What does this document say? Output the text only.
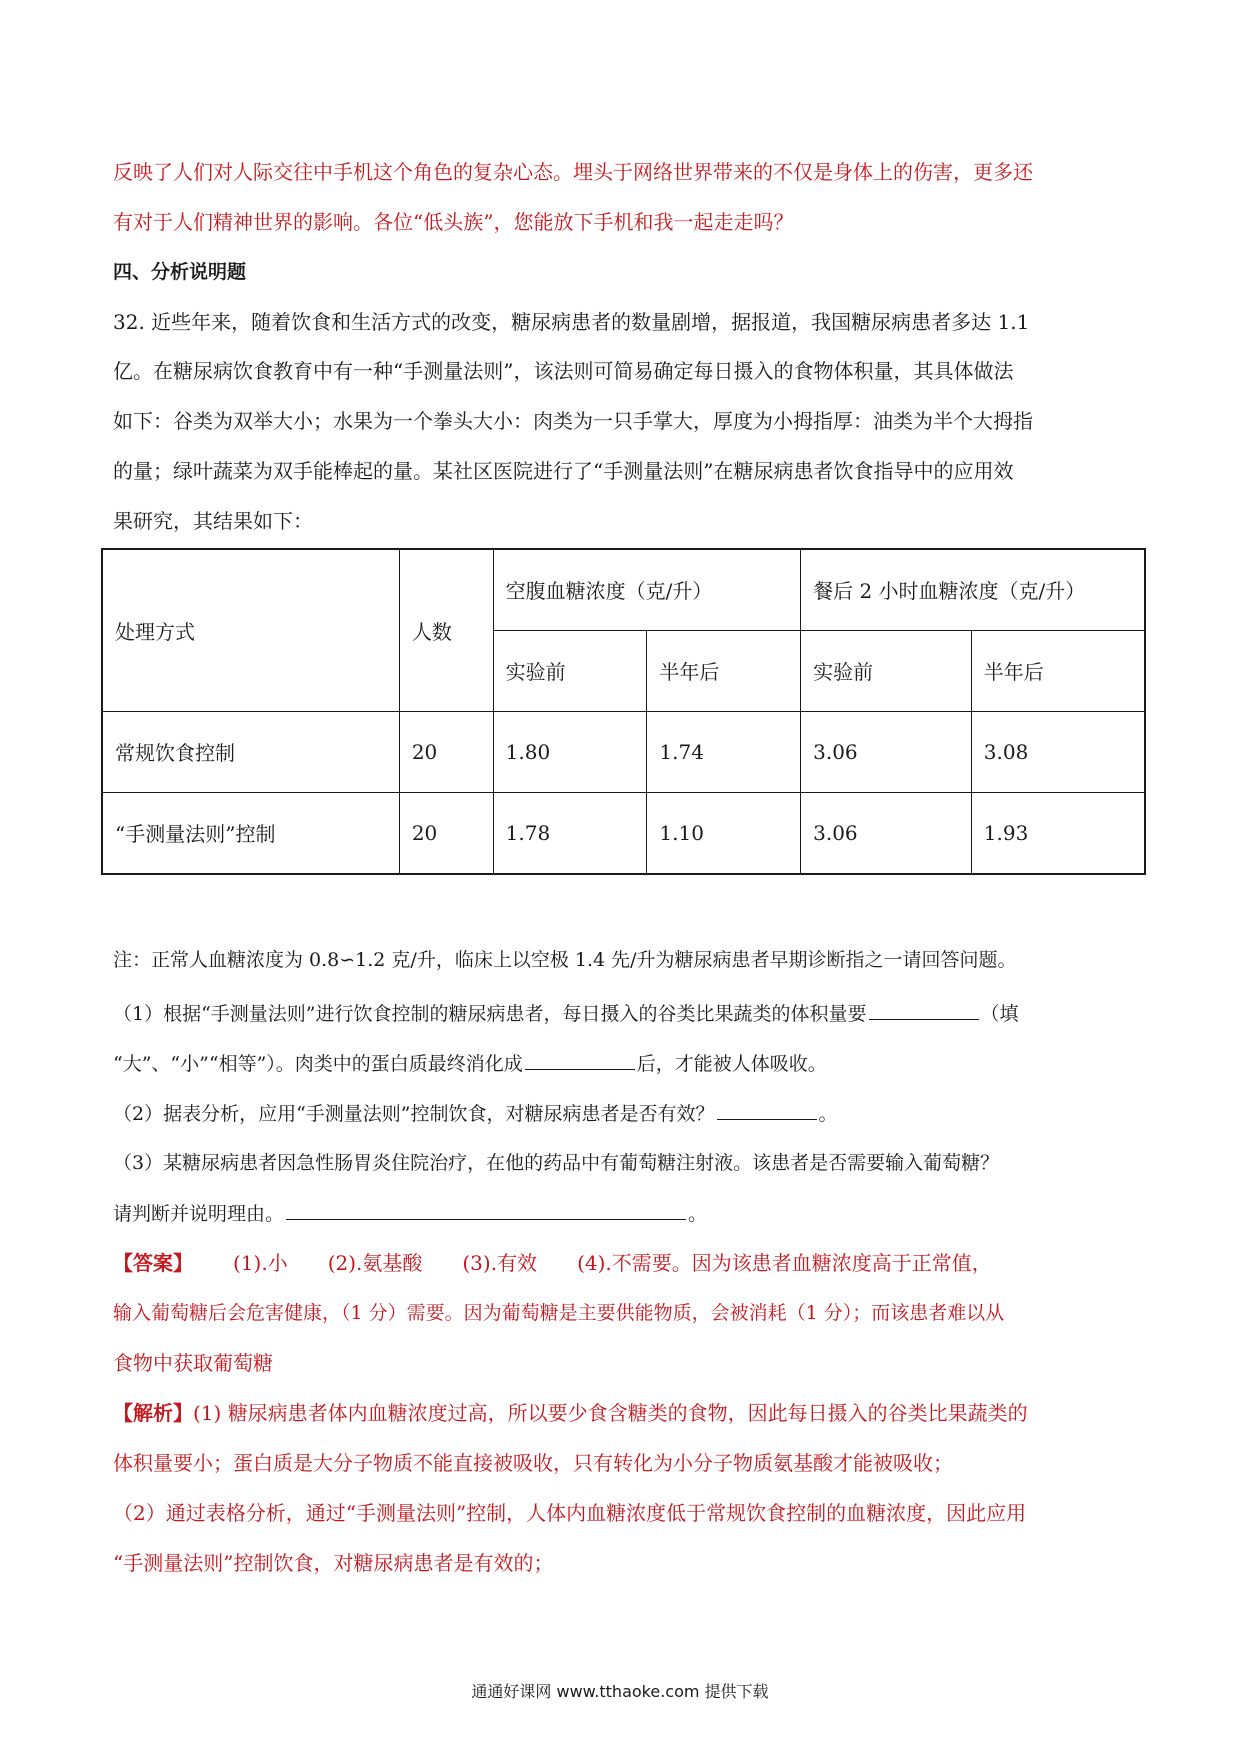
反映了人们对人际交往中手机这个角色的复杂心态。埋头于网络世界带来的不仅是身体上的伤害，更多还
有对于人们精神世界的影响。各位“低头族”，您能放下手机和我一起走走吗？
四、分析说明题
32. 近些年来，随着饮食和生活方式的改变，糖尿病患者的数量剧增，据报道，我国糖尿病患者多达 1.1
亿。在糖尿病饮食教育中有一种“手测量法则”，该法则可简易确定每日摄入的食物体积量，其具体做法
如下：谷类为双举大小；水果为一个拳头大小：肉类为一只手掌大，厚度为小拇指厚：油类为半个大拇指
的量；绿叶蔬菜为双手能棒起的量。某社区医院进行了“手测量法则”在糖尿病患者饮食指导中的应用效
果研究，其结果如下：
处理方式	人数	空腹血糖浓度（克/升）		餐后 2 小时血糖浓度（克/升）	
		实验前	半年后	实验前	半年后
常规饮食控制	20	1.80	1.74	3.06	3.08
“手测量法则”控制	20	1.78	1.10	3.06	1.93
注：正常人血糖浓度为 0.8∽1.2 克/升，临床上以空极 1.4 先/升为糖尿病患者早期诊断指之一请回答问题。
（1）根据“手测量法则”进行饮食控制的糖尿病患者，每日摄入的谷类比果蔬类的体积量要	（填
“大”、“小”“相等”）。肉类中的蛋白质最终消化成	后，才能被人体吸收。
（2）据表分析，应用“手测量法则”控制饮食，对糖尿病患者是否有效？	。
（3）某糖尿病患者因急性肠胃炎住院治疗，在他的药品中有葡萄糖注射液。该患者是否需要输入葡萄糖？
请判断并说明理由。	。
【答案】 (1).小 (2).氨基酸 (3).有效 (4).不需要。因为该患者血糖浓度高于正常值，
输入葡萄糖后会危害健康，（1 分）需要。因为葡萄糖是主要供能物质，会被消耗（1 分）；而该患者难以从
食物中获取葡萄糖
【解析】(1) 糖尿病患者体内血糖浓度过高，所以要少食含糖类的食物，因此每日摄入的谷类比果蔬类的
体积量要小；蛋白质是大分子物质不能直接被吸收，只有转化为小分子物质氨基酸才能被吸收；
（2）通过表格分析，通过“手测量法则”控制，人体内血糖浓度低于常规饮食控制的血糖浓度，因此应用
“手测量法则”控制饮食，对糖尿病患者是有效的；
通通好课网 www.tthaoke.com 提供下载
